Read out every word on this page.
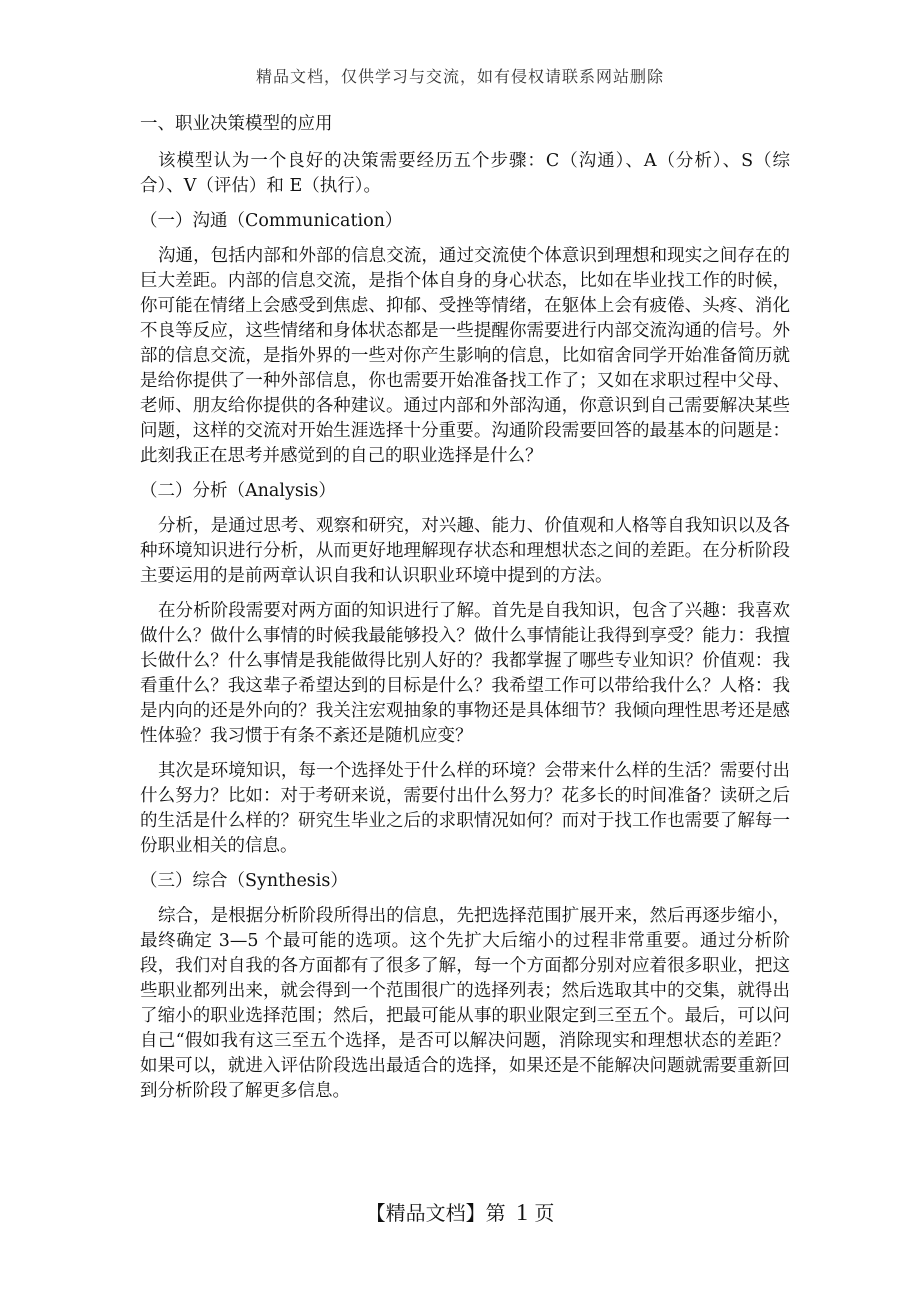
精品文档，仅供学习与交流，如有侵权请联系网站删除
一、职业决策模型的应用
该模型认为一个良好的决策需要经历五个步骤：C（沟通）、A（分析）、S（综合）、V（评估）和 E（执行）。
（一）沟通（Communication）
沟通，包括内部和外部的信息交流，通过交流使个体意识到理想和现实之间存在的巨大差距。内部的信息交流，是指个体自身的身心状态，比如在毕业找工作的时候，你可能在情绪上会感受到焦虑、抑郁、受挫等情绪，在躯体上会有疲倦、头疼、消化不良等反应，这些情绪和身体状态都是一些提醒你需要进行内部交流沟通的信号。外部的信息交流，是指外界的一些对你产生影响的信息，比如宿舍同学开始准备简历就是给你提供了一种外部信息，你也需要开始准备找工作了；又如在求职过程中父母、老师、朋友给你提供的各种建议。通过内部和外部沟通，你意识到自己需要解决某些问题，这样的交流对开始生涯选择十分重要。沟通阶段需要回答的最基本的问题是：此刻我正在思考并感觉到的自己的职业选择是什么？
（二）分析（Analysis）
分析，是通过思考、观察和研究，对兴趣、能力、价值观和人格等自我知识以及各种环境知识进行分析，从而更好地理解现存状态和理想状态之间的差距。在分析阶段主要运用的是前两章认识自我和认识职业环境中提到的方法。
在分析阶段需要对两方面的知识进行了解。首先是自我知识，包含了兴趣：我喜欢做什么？做什么事情的时候我最能够投入？做什么事情能让我得到享受？能力：我擅长做什么？什么事情是我能做得比别人好的？我都掌握了哪些专业知识？价值观：我看重什么？我这辈子希望达到的目标是什么？我希望工作可以带给我什么？人格：我是内向的还是外向的？我关注宏观抽象的事物还是具体细节？我倾向理性思考还是感性体验？我习惯于有条不紊还是随机应变？
其次是环境知识，每一个选择处于什么样的环境？会带来什么样的生活？需要付出什么努力？比如：对于考研来说，需要付出什么努力？花多长的时间准备？读研之后的生活是什么样的？研究生毕业之后的求职情况如何？而对于找工作也需要了解每一份职业相关的信息。
（三）综合（Synthesis）
综合，是根据分析阶段所得出的信息，先把选择范围扩展开来，然后再逐步缩小，最终确定 3—5 个最可能的选项。这个先扩大后缩小的过程非常重要。通过分析阶段，我们对自我的各方面都有了很多了解，每一个方面都分别对应着很多职业，把这些职业都列出来，就会得到一个范围很广的选择列表；然后选取其中的交集，就得出了缩小的职业选择范围；然后，把最可能从事的职业限定到三至五个。最后，可以问自己“假如我有这三至五个选择，是否可以解决问题，消除现实和理想状态的差距？如果可以，就进入评估阶段选出最适合的选择，如果还是不能解决问题就需要重新回到分析阶段了解更多信息。
【精品文档】第 1 页
